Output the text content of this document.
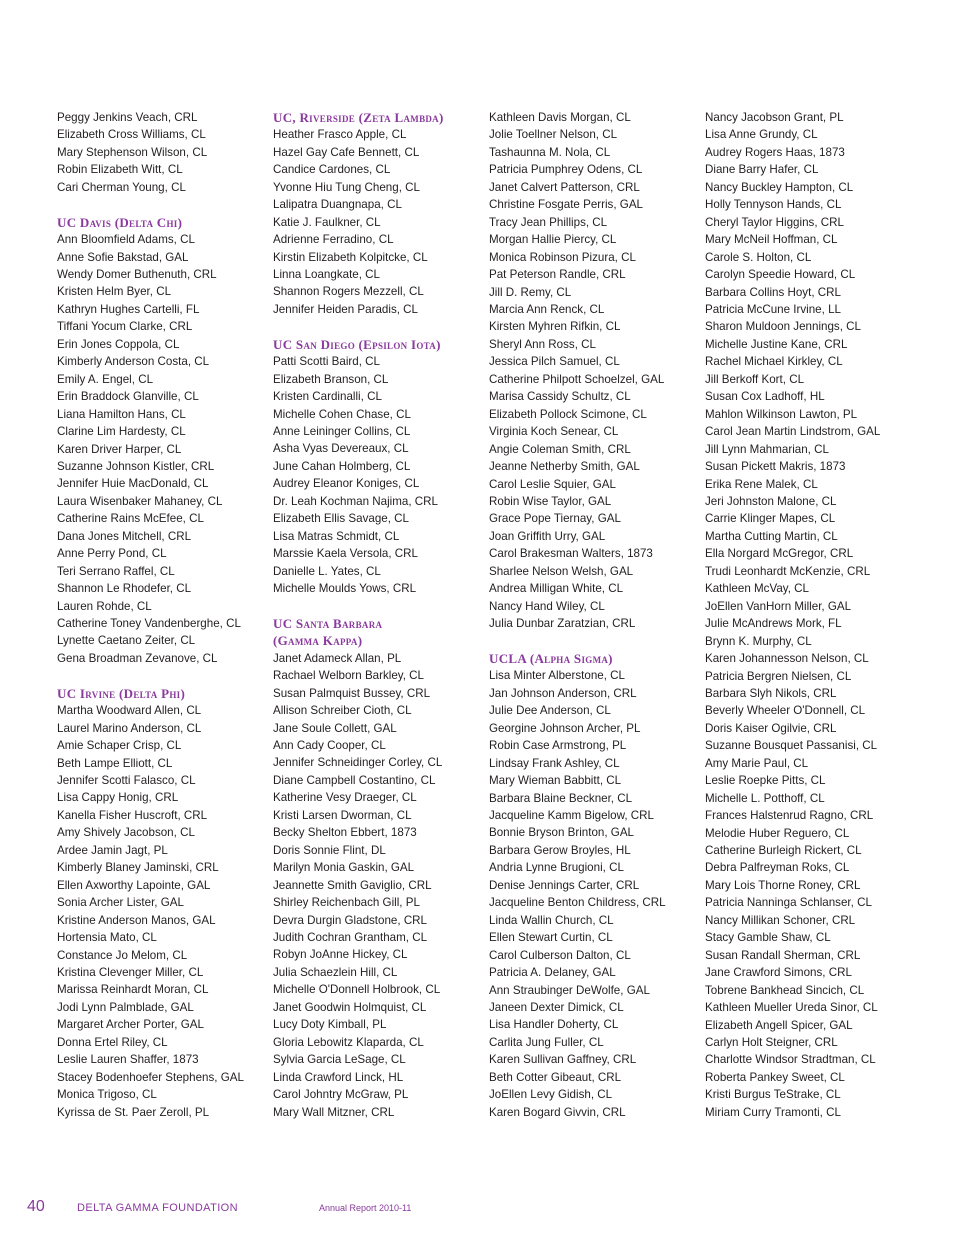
Peggy Jenkins Veach, CRL
Elizabeth Cross Williams, CL
Mary Stephenson Wilson, CL
Robin Elizabeth Witt, CL
Cari Cherman Young, CL
UC Davis (Delta Chi)
Ann Bloomfield Adams, CL
Anne Sofie Bakstad, GAL
Wendy Domer Buthenuth, CRL
Kristen Helm Byer, CL
Kathryn Hughes Cartelli, FL
Tiffani Yocum Clarke, CRL
Erin Jones Coppola, CL
Kimberly Anderson Costa, CL
Emily A. Engel, CL
Erin Braddock Glanville, CL
Liana Hamilton Hans, CL
Clarine Lim Hardesty, CL
Karen Driver Harper, CL
Suzanne Johnson Kistler, CRL
Jennifer Huie MacDonald, CL
Laura Wisenbaker Mahaney, CL
Catherine Rains McEfee, CL
Dana Jones Mitchell, CRL
Anne Perry Pond, CL
Teri Serrano Raffel, CL
Shannon Le Rhodefer, CL
Lauren Rohde, CL
Catherine Toney Vandenberghe, CL
Lynette Caetano Zeiter, CL
Gena Broadman Zevanove, CL
UC Irvine (Delta Phi)
Martha Woodward Allen, CL
Laurel Marino Anderson, CL
Amie Schaper Crisp, CL
Beth Lampe Elliott, CL
Jennifer Scotti Falasco, CL
Lisa Cappy Honig, CRL
Kanella Fisher Huscroft, CRL
Amy Shively Jacobson, CL
Ardee Jamin Jagt, PL
Kimberly Blaney Jaminski, CRL
Ellen Axworthy Lapointe, GAL
Sonia Archer Lister, GAL
Kristine Anderson Manos, GAL
Hortensia Mato, CL
Constance Jo Melom, CL
Kristina Clevenger Miller, CL
Marissa Reinhardt Moran, CL
Jodi Lynn Palmblade, GAL
Margaret Archer Porter, GAL
Donna Ertel Riley, CL
Leslie Lauren Shaffer, 1873
Stacey Bodenhoefer Stephens, GAL
Monica Trigoso, CL
Kyrissa de St. Paer Zeroll, PL
UC, Riverside (Zeta Lambda)
Heather Frasco Apple, CL
Hazel Gay Cafe Bennett, CL
Candice Cardones, CL
Yvonne Hiu Tung Cheng, CL
Lalipatra Duangnapa, CL
Katie J. Faulkner, CL
Adrienne Ferradino, CL
Kirstin Elizabeth Kolpitcke, CL
Linna Loangkate, CL
Shannon Rogers Mezzell, CL
Jennifer Heiden Paradis, CL
UC San Diego (Epsilon Iota)
Patti Scotti Baird, CL
Elizabeth Branson, CL
Kristen Cardinalli, CL
Michelle Cohen Chase, CL
Anne Leininger Collins, CL
Asha Vyas Devereaux, CL
June Cahan Holmberg, CL
Audrey Eleanor Koniges, CL
Dr. Leah Kochman Najima, CRL
Elizabeth Ellis Savage, CL
Lisa Matras Schmidt, CL
Marssie Kaela Versola, CRL
Danielle L. Yates, CL
Michelle Moulds Yows, CRL
UC Santa Barbara
(Gamma Kappa)
Janet Adameck Allan, PL
Rachael Welborn Barkley, CL
Susan Palmquist Bussey, CRL
Allison Schreiber Cioth, CL
Jane Soule Collett, GAL
Ann Cady Cooper, CL
Jennifer Schneidinger Corley, CL
Diane Campbell Costantino, CL
Katherine Vesy Draeger, CL
Kristi Larsen Dworman, CL
Becky Shelton Ebbert, 1873
Doris Sonnie Flint, DL
Marilyn Monia Gaskin, GAL
Jeannette Smith Gaviglio, CRL
Shirley Reichenbach Gill, PL
Devra Durgin Gladstone, CRL
Judith Cochran Grantham, CL
Robyn JoAnne Hickey, CL
Julia Schaezlein Hill, CL
Michelle O'Donnell Holbrook, CL
Janet Goodwin Holmquist, CL
Lucy Doty Kimball, PL
Gloria Lebowitz Klaparda, CL
Sylvia Garcia LeSage, CL
Linda Crawford Linck, HL
Carol Johntry McGraw, PL
Mary Wall Mitzner, CRL
Kathleen Davis Morgan, CL
Jolie Toellner Nelson, CL
Tashaunna M. Nola, CL
Patricia Pumphrey Odens, CL
Janet Calvert Patterson, CRL
Christine Fosgate Perris, GAL
Tracy Jean Phillips, CL
Morgan Hallie Piercy, CL
Monica Robinson Pizura, CL
Pat Peterson Randle, CRL
Jill D. Remy, CL
Marcia Ann Renck, CL
Kirsten Myhren Rifkin, CL
Sheryl Ann Ross, CL
Jessica Pilch Samuel, CL
Catherine Philpott Schoelzel, GAL
Marisa Cassidy Schultz, CL
Elizabeth Pollock Scimone, CL
Virginia Koch Senear, CL
Angie Coleman Smith, CRL
Jeanne Netherby Smith, GAL
Carol Leslie Squier, GAL
Robin Wise Taylor, GAL
Grace Pope Tiernay, GAL
Joan Griffith Urry, GAL
Carol Brakesman Walters, 1873
Sharlee Nelson Welsh, GAL
Andrea Milligan White, CL
Nancy Hand Wiley, CL
Julia Dunbar Zaratzian, CRL
UCLA (Alpha Sigma)
Lisa Minter Alberstone, CL
Jan Johnson Anderson, CRL
Julie Dee Anderson, CL
Georgine Johnson Archer, PL
Robin Case Armstrong, PL
Lindsay Frank Ashley, CL
Mary Wieman Babbitt, CL
Barbara Blaine Beckner, CL
Jacqueline Kamm Bigelow, CRL
Bonnie Bryson Brinton, GAL
Barbara Gerow Broyles, HL
Andria Lynne Brugioni, CL
Denise Jennings Carter, CRL
Jacqueline Benton Childress, CRL
Linda Wallin Church, CL
Ellen Stewart Curtin, CL
Carol Culberson Dalton, CL
Patricia A. Delaney, GAL
Ann Straubinger DeWolfe, GAL
Janeen Dexter Dimick, CL
Lisa Handler Doherty, CL
Carlita Jung Fuller, CL
Karen Sullivan Gaffney, CRL
Beth Cotter Gibeaut, CRL
JoEllen Levy Gidish, CL
Karen Bogard Givvin, CRL
Nancy Jacobson Grant, PL
Lisa Anne Grundy, CL
Audrey Rogers Haas, 1873
Diane Barry Hafer, CL
Nancy Buckley Hampton, CL
Holly Tennyson Hands, CL
Cheryl Taylor Higgins, CRL
Mary McNeil Hoffman, CL
Carole S. Holton, CL
Carolyn Speedie Howard, CL
Barbara Collins Hoyt, CRL
Patricia McCune Irvine, LL
Sharon Muldoon Jennings, CL
Michelle Justine Kane, CRL
Rachel Michael Kirkley, CL
Jill Berkoff Kort, CL
Susan Cox Ladhoff, HL
Mahlon Wilkinson Lawton, PL
Carol Jean Martin Lindstrom, GAL
Jill Lynn Mahmarian, CL
Susan Pickett Makris, 1873
Erika Rene Malek, CL
Jeri Johnston Malone, CL
Carrie Klinger Mapes, CL
Martha Cutting Martin, CL
Ella Norgard McGregor, CRL
Trudi Leonhardt McKenzie, CRL
Kathleen McVay, CL
JoEllen VanHorn Miller, GAL
Julie McAndrews Mork, FL
Brynn K. Murphy, CL
Karen Johannesson Nelson, CL
Patricia Bergren Nielsen, CL
Barbara Slyh Nikols, CRL
Beverly Wheeler O'Donnell, CL
Doris Kaiser Ogilvie, CRL
Suzanne Bousquet Passanisi, CL
Amy Marie Paul, CL
Leslie Roepke Pitts, CL
Michelle L. Potthoff, CL
Frances Halstenrud Ragno, CRL
Melodie Huber Reguero, CL
Catherine Burleigh Rickert, CL
Debra Palfreyman Roks, CL
Mary Lois Thorne Roney, CRL
Patricia Nanninga Schlanser, CL
Nancy Millikan Schoner, CRL
Stacy Gamble Shaw, CL
Susan Randall Sherman, CRL
Jane Crawford Simons, CRL
Tobrene Bankhead Sincich, CL
Kathleen Mueller Ureda Sinor, CL
Elizabeth Angell Spicer, GAL
Carlyn Holt Steigner, CRL
Charlotte Windsor Stradtman, CL
Roberta Pankey Sweet, CL
Kristi Burgus TeStrake, CL
Miriam Curry Tramonti, CL
40	DELTA GAMMA FOUNDATION	Annual Report 2010-11
